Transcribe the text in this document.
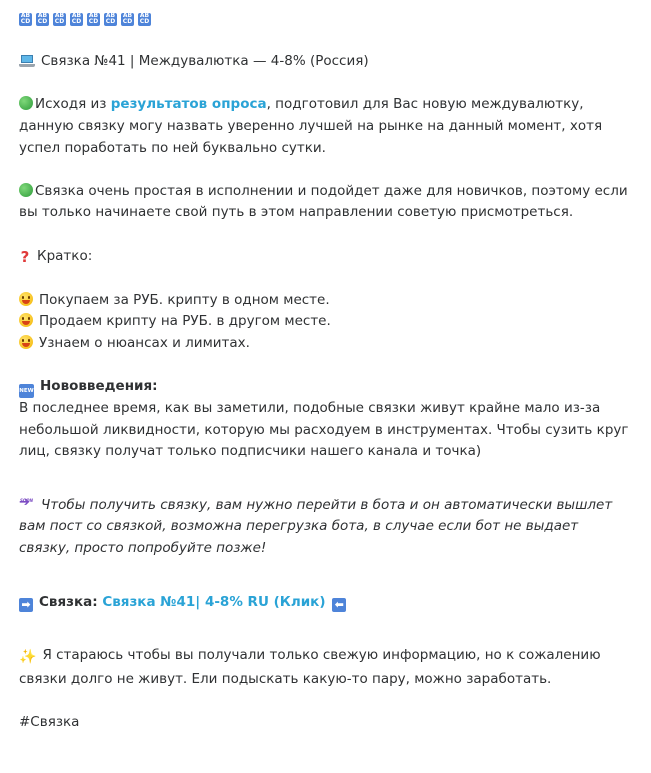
AB CDAB CDAB CDAB CDAB CDAB CDAB CDAB CD

Связка №41 | Междувалютка — 4-8% (Россия)

Исходя из результатов опроса, подготовил для Вас новую междувалютку, данную связку могу назвать уверенно лучшей на рынке на данный момент, хотя успел поработать по ней буквально сутки.

Связка очень простая в исполнении и подойдет даже для новичков, поэтому если вы только начинаете свой путь в этом направлении советую присмотреться.

? Кратко:

Покупаем за РУБ. крипту в одном месте.

Продаем крипту на РУБ. в другом месте.

Узнаем о нюансах и лимитах.

NEW Нововведения:

В последнее время, как вы заметили, подобные связки живут крайне мало из-за небольшой ликвидности, которую мы расходуем в инструментах. Чтобы сузить круг лиц, связку получат только подписчики нашего канала и точка)

➔ SOONЧтобы получить связку, вам нужно перейти в бота и он автоматически вышлет вам пост со связкой, возможна перегрузка бота, в случае если бот не выдает связку, просто попробуйте позже!

➡ Связка: Связка №41| 4-8% RU (Клик) ⬅

✨ Я стараюсь чтобы вы получали только свежую информацию, но к сожалению связки долго не живут. Ели подыскать какую-то пару, можно заработать.

#Связка
